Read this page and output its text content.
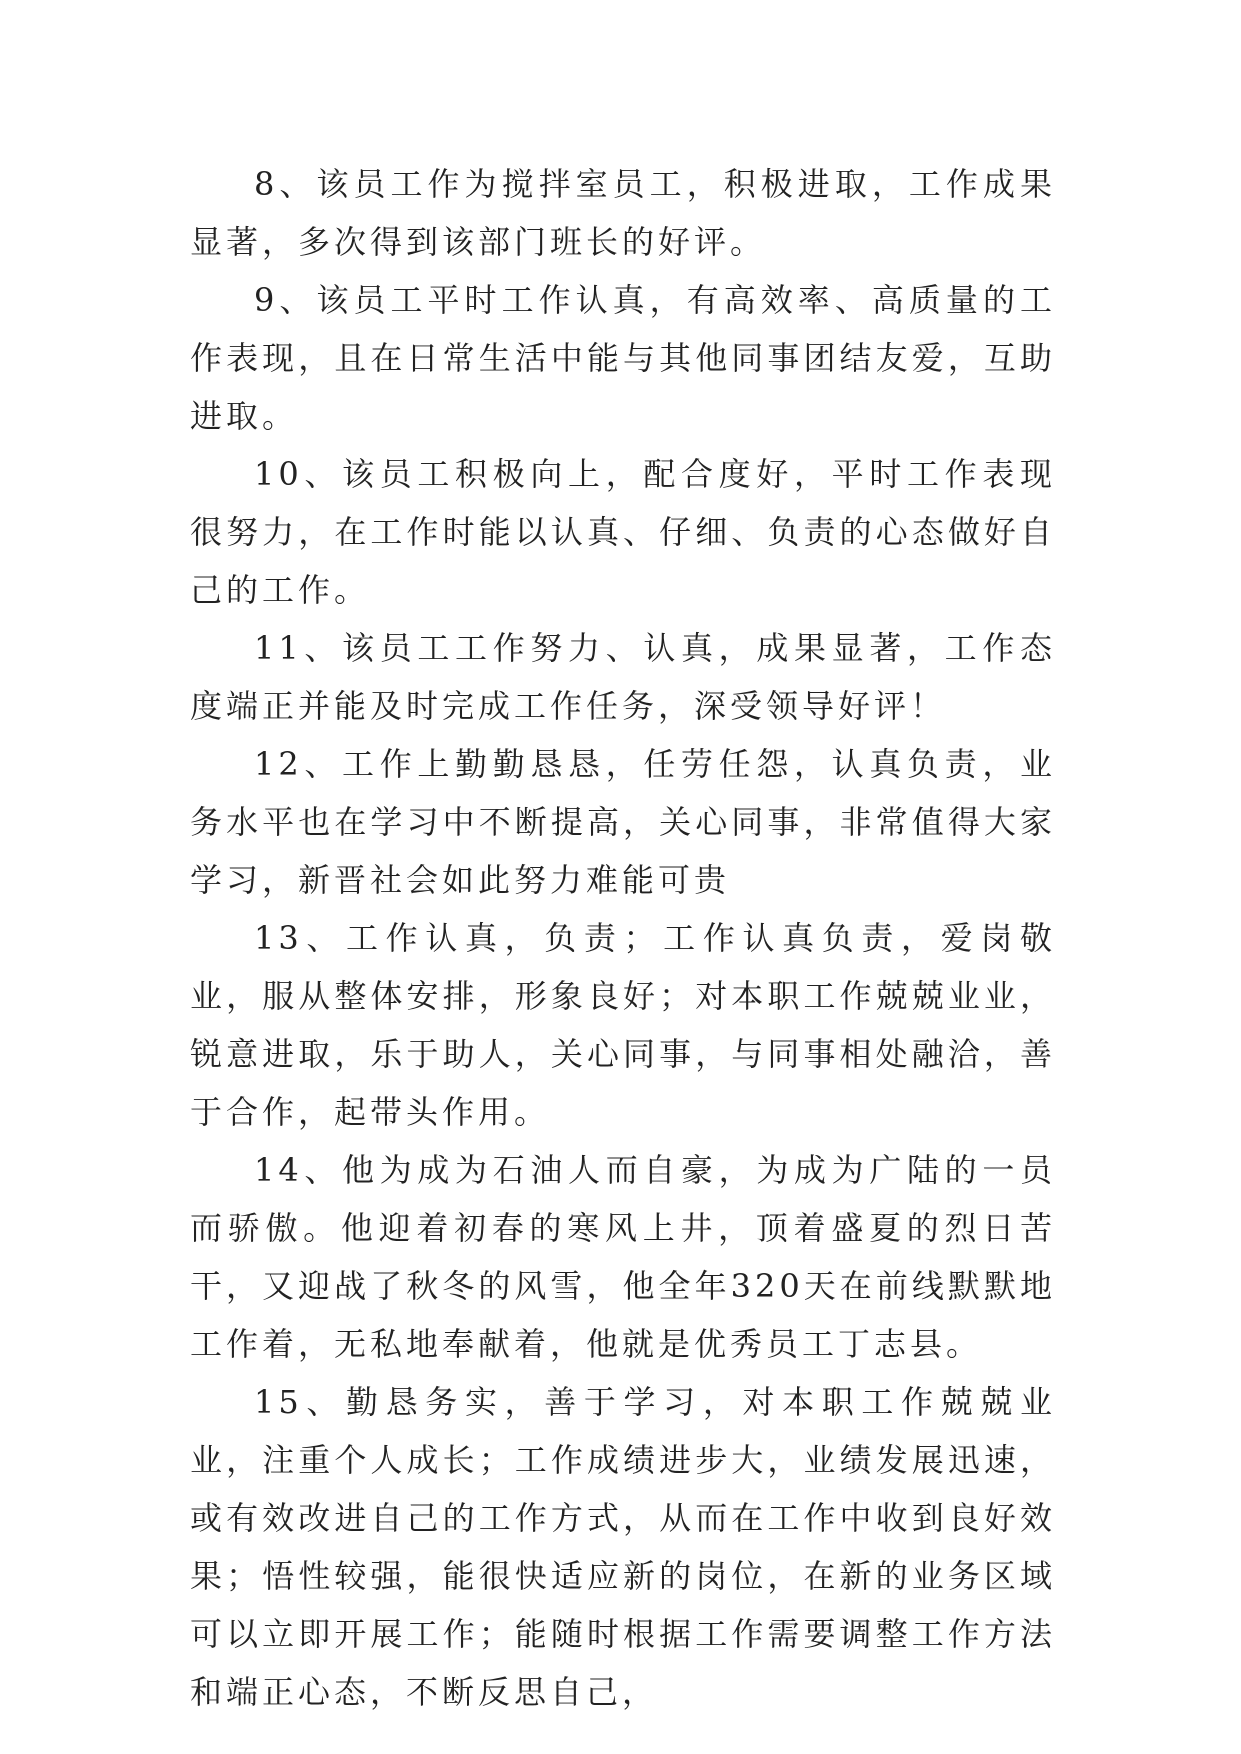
8、该员工作为搅拌室员工，积极进取，工作成果显著，多次得到该部门班长的好评。

9、该员工平时工作认真，有高效率、高质量的工作表现，且在日常生活中能与其他同事团结友爱，互助进取。

10、该员工积极向上，配合度好，平时工作表现很努力，在工作时能以认真、仔细、负责的心态做好自己的工作。

11、该员工工作努力、认真，成果显著，工作态度端正并能及时完成工作任务，深受领导好评！

12、工作上勤勤恳恳，任劳任怨，认真负责，业务水平也在学习中不断提高，关心同事，非常值得大家学习，新晋社会如此努力难能可贵

13、工作认真，负责；工作认真负责，爱岗敬业，服从整体安排，形象良好；对本职工作兢兢业业，锐意进取，乐于助人，关心同事，与同事相处融洽，善于合作，起带头作用。

14、他为成为石油人而自豪，为成为广陆的一员而骄傲。他迎着初春的寒风上井，顶着盛夏的烈日苦干，又迎战了秋冬的风雪，他全年320天在前线默默地工作着，无私地奉献着，他就是优秀员工丁志县。

15、勤恳务实，善于学习，对本职工作兢兢业业，注重个人成长；工作成绩进步大，业绩发展迅速，或有效改进自己的工作方式，从而在工作中收到良好效果；悟性较强，能很快适应新的岗位，在新的业务区域可以立即开展工作；能随时根据工作需要调整工作方法和端正心态，不断反思自己，
